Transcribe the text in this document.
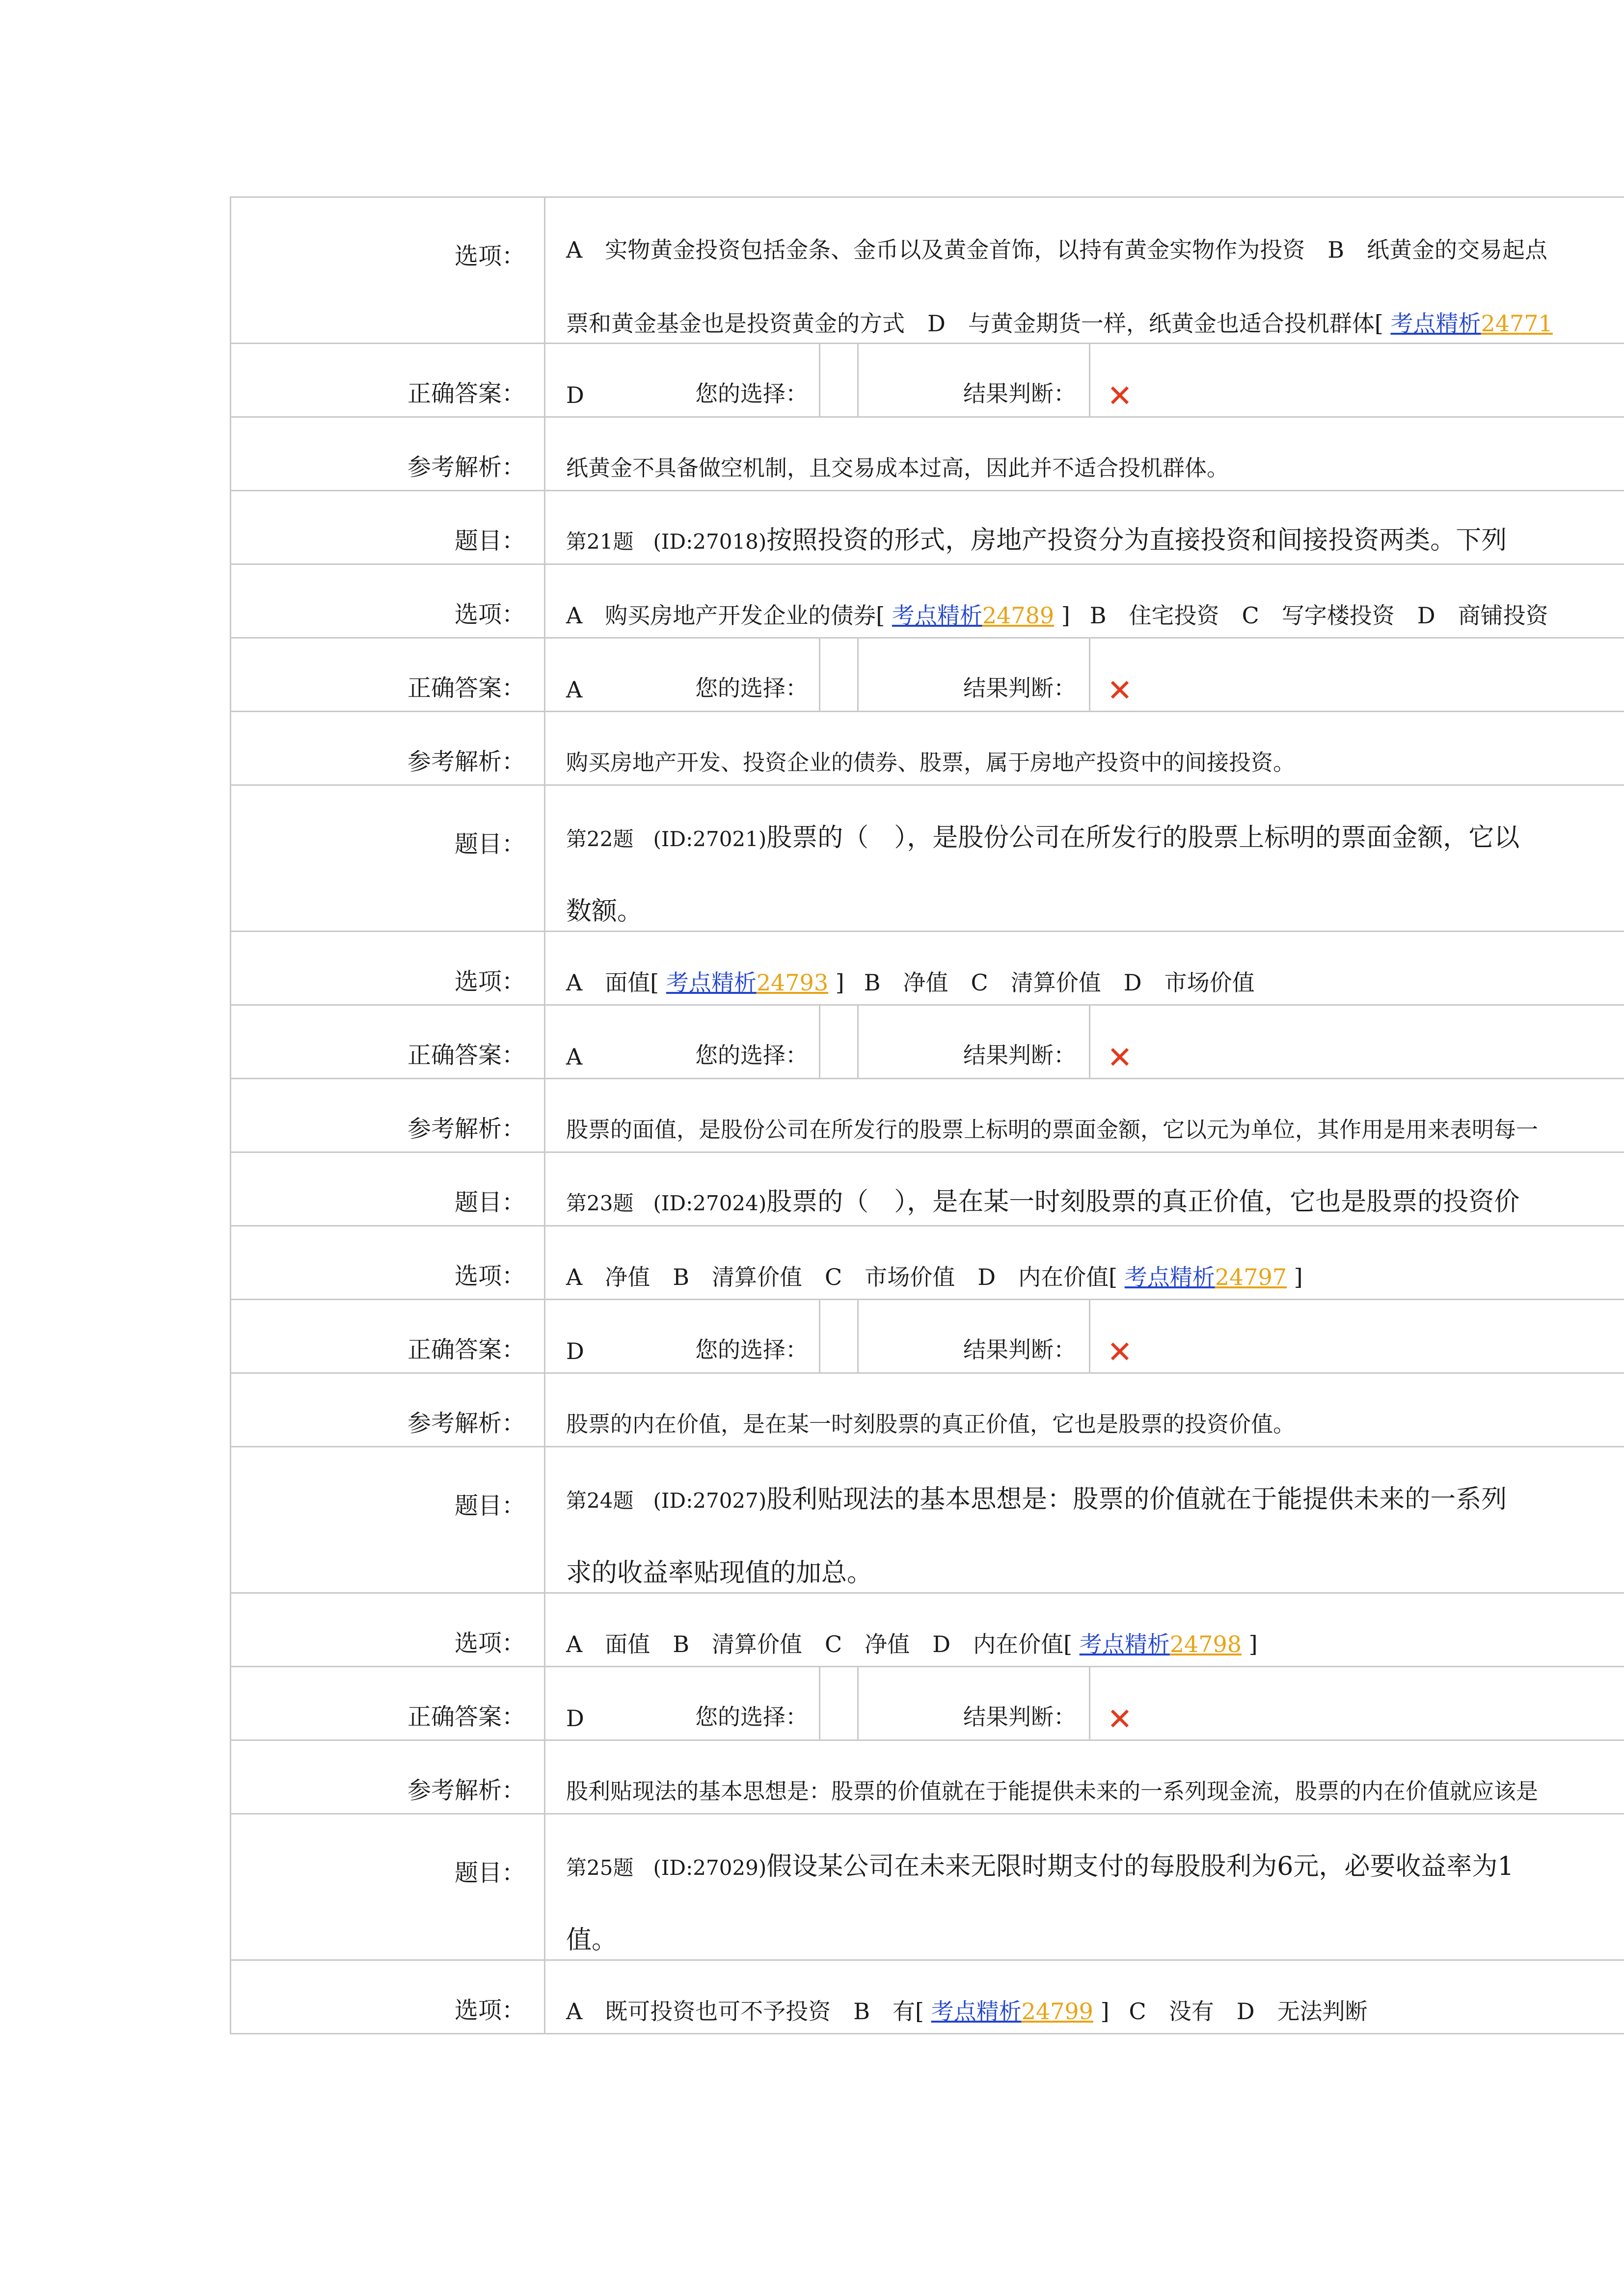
选项：	A　实物黄金投资包括金条、金币以及黄金首饰，以持有黄金实物作为投资　B　纸黄金的交易起点
票和黄金基金也是投资黄金的方式　D　与黄金期货一样，纸黄金也适合投机群体[ 考点精析24771
正确答案：	D	您的选择：	结果判断：	✕
参考解析：	纸黄金不具备做空机制，且交易成本过高，因此并不适合投机群体。
题目：	第21题 (ID:27018)按照投资的形式，房地产投资分为直接投资和间接投资两类。下列
选项：	A　购买房地产开发企业的债券[ 考点精析24789 ] B　住宅投资　C　写字楼投资　D　商铺投资
正确答案：	A	您的选择：	结果判断：	✕
参考解析：	购买房地产开发、投资企业的债券、股票，属于房地产投资中的间接投资。
题目：	第22题 (ID:27021)股票的（　），是股份公司在所发行的股票上标明的票面金额，它以
数额。
选项：	A　面值[ 考点精析24793 ] B　净值　C　清算价值　D　市场价值
正确答案：	A	您的选择：	结果判断：	✕
参考解析：	股票的面值，是股份公司在所发行的股票上标明的票面金额，它以元为单位，其作用是用来表明每一
题目：	第23题 (ID:27024)股票的（　），是在某一时刻股票的真正价值，它也是股票的投资价
选项：	A　净值　B　清算价值　C　市场价值　D　内在价值[ 考点精析24797 ]
正确答案：	D	您的选择：	结果判断：	✕
参考解析：	股票的内在价值，是在某一时刻股票的真正价值，它也是股票的投资价值。
题目：	第24题 (ID:27027)股利贴现法的基本思想是：股票的价值就在于能提供未来的一系列
求的收益率贴现值的加总。
选项：	A　面值　B　清算价值　C　净值　D　内在价值[ 考点精析24798 ]
正确答案：	D	您的选择：	结果判断：	✕
参考解析：	股利贴现法的基本思想是：股票的价值就在于能提供未来的一系列现金流，股票的内在价值就应该是
题目：	第25题 (ID:27029)假设某公司在未来无限时期支付的每股股利为6元，必要收益率为1
值。
选项：	A　既可投资也可不予投资　B　有[ 考点精析24799 ] C　没有　D　无法判断
